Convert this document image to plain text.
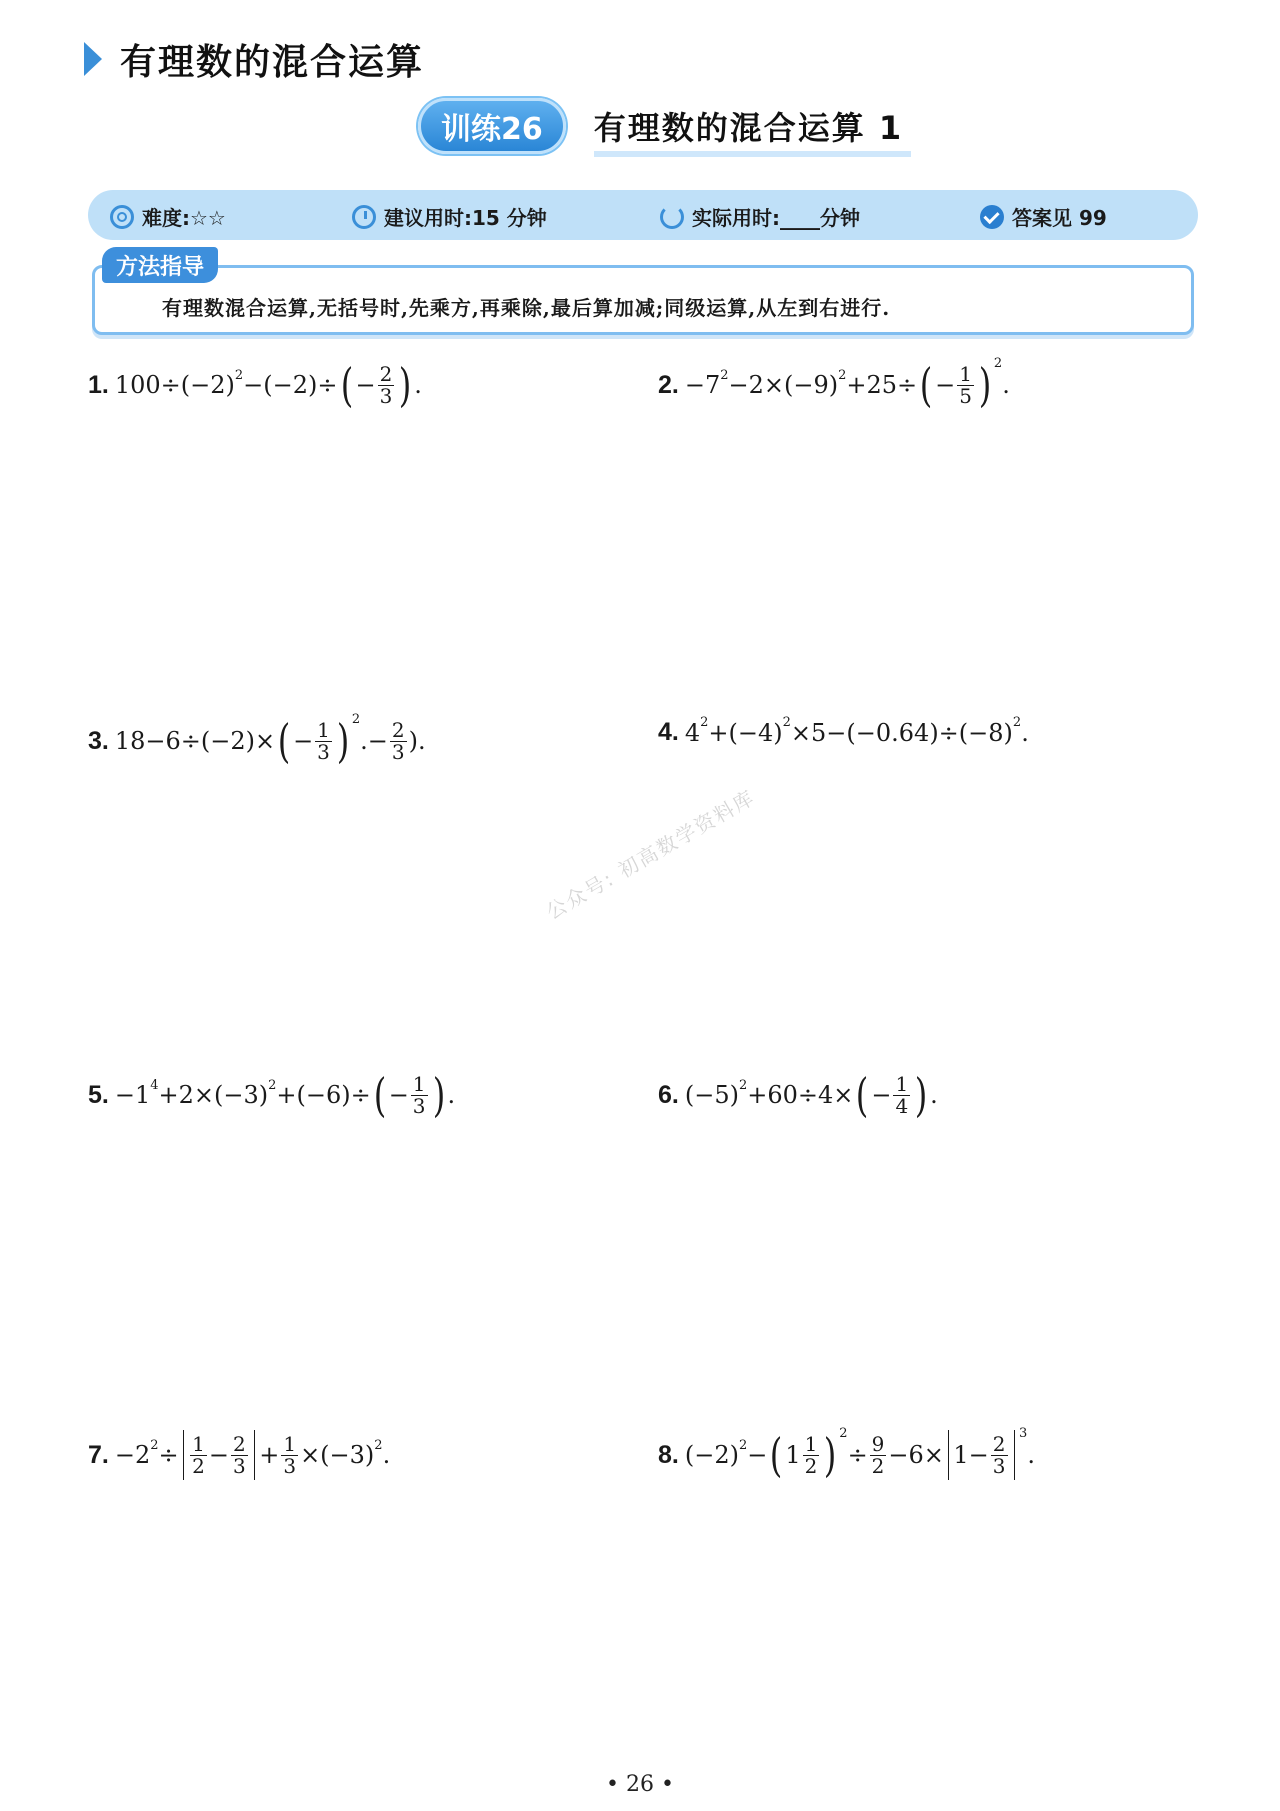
有理数的混合运算
训练26	有理数的混合运算 1
难度:☆☆	建议用时:15 分钟	实际用时:____分钟	答案见 99
方法指导
有理数混合运算,无括号时,先乘方,再乘除,最后算加减;同级运算,从左到右进行.
1. 100÷(−2) 2 −(−2)÷ ( − $\frac{2}{3}$ ) .	2. −7 2 −2×(−9) 2 +25÷ ( − $\frac{1}{5}$ ) 2
.
3. 18−6÷(−2)× ( − $\frac{1}{3}$ ) 2
.− $\frac{2}{3}$ ).	4. 4 2 +(−4) 2 ×5−(−0.64)÷(−8) 2 .
5. −1 4 +2×(−3) 2 +(−6)÷ ( − $\frac{1}{3}$ ) .	6. (−5) 2 +60÷4× ( − $\frac{1}{4}$ ) .
7. −2 $2 \div \frac{1}{2} - \frac{2}{3} + \frac{1}{3} \times(-3)$ 2 .	8. (−2) 2 − ( $1 \frac{1}{2}$ ) 2
÷ $\frac{9}{2} -6\times 1- \frac{2}{3}$
3
.
公众号: 初高数学资料库
• 26 •
